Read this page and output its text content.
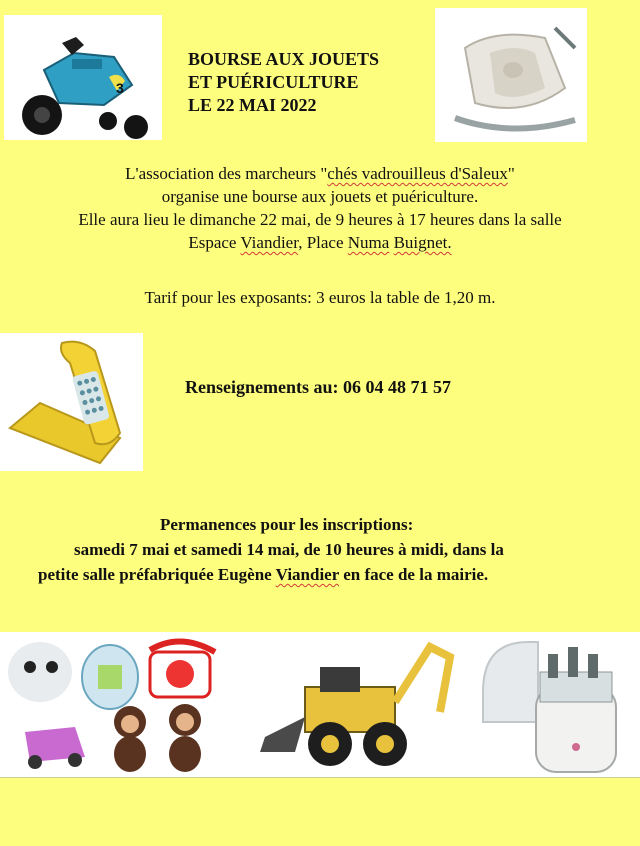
3
BOURSE AUX JOUETS
ET PUÉRICULTURE
LE 22 MAI 2022
L'association des marcheurs "chés vadrouilleus d'Saleux"
organise une bourse aux jouets et puériculture.
Elle aura lieu le dimanche 22 mai, de 9 heures à 17 heures dans la salle
Espace Viandier, Place Numa Buignet.
Tarif pour les exposants: 3 euros la table de 1,20 m.
Renseignements au: 06 04 48 71 57
Permanences pour les inscriptions:
samedi 7 mai et samedi 14 mai, de 10 heures à midi, dans la
petite salle préfabriquée Eugène Viandier en face de la mairie.
